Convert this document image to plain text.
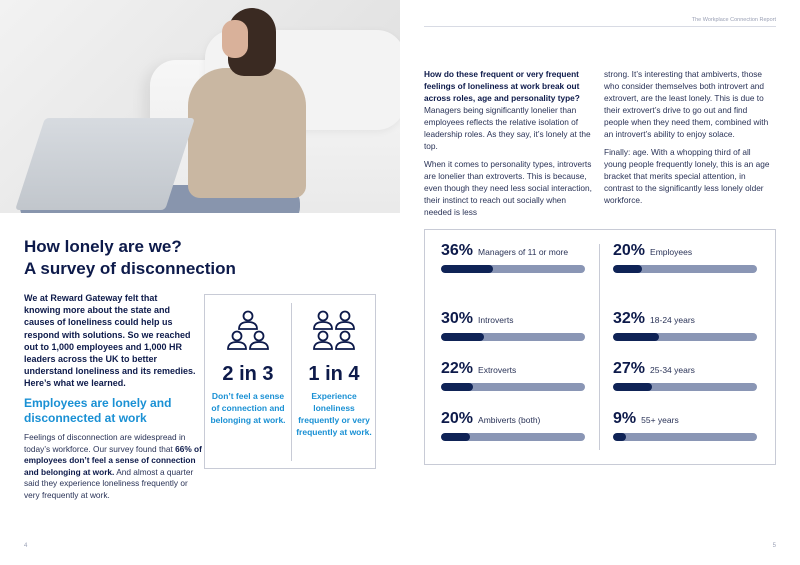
How lonely are we?
A survey of disconnection
We at Reward Gateway felt that knowing more about the state and causes of loneliness could help us respond with solutions. So we reached out to 1,000 employees and 1,000 HR leaders across the UK to better understand loneliness and its remedies. Here’s what we learned.
Employees are lonely and disconnected at work
Feelings of disconnection are widespread in today’s workforce. Our survey found that 66% of employees don’t feel a sense of connection and belonging at work. And almost a quarter said they experience loneliness frequently or very frequently at work.
2 in 3
Don’t feel a sense of connection and belonging at work.
1 in 4
Experience loneliness frequently or very frequently at work.
4
The Workplace Connection Report

How do these frequent or very frequent feelings of loneliness at work break out across roles, age and personality type? Managers being significantly lonelier than employees reflects the relative isolation of leadership roles. As they say, it’s lonely at the top.

When it comes to personality types, introverts are lonelier than extroverts. This is because, even though they need less social interaction, their instinct to reach out socially when needed is less

strong. It’s interesting that ambiverts, those who consider themselves both introvert and extrovert, are the least lonely. This is due to their extrovert’s drive to go out and find people when they need them, combined with an introvert’s ability to enjoy solace.

Finally: age. With a whopping third of all young people frequently lonely, this is an age bracket that merits special attention, in contrast to the significantly less lonely older workforce.

36% Managers of 11 or more	20% Employees
30% Introverts	32% 18-24 years
22% Extroverts	27% 25-34 years
20% Ambiverts (both)	9% 55+ years
5
